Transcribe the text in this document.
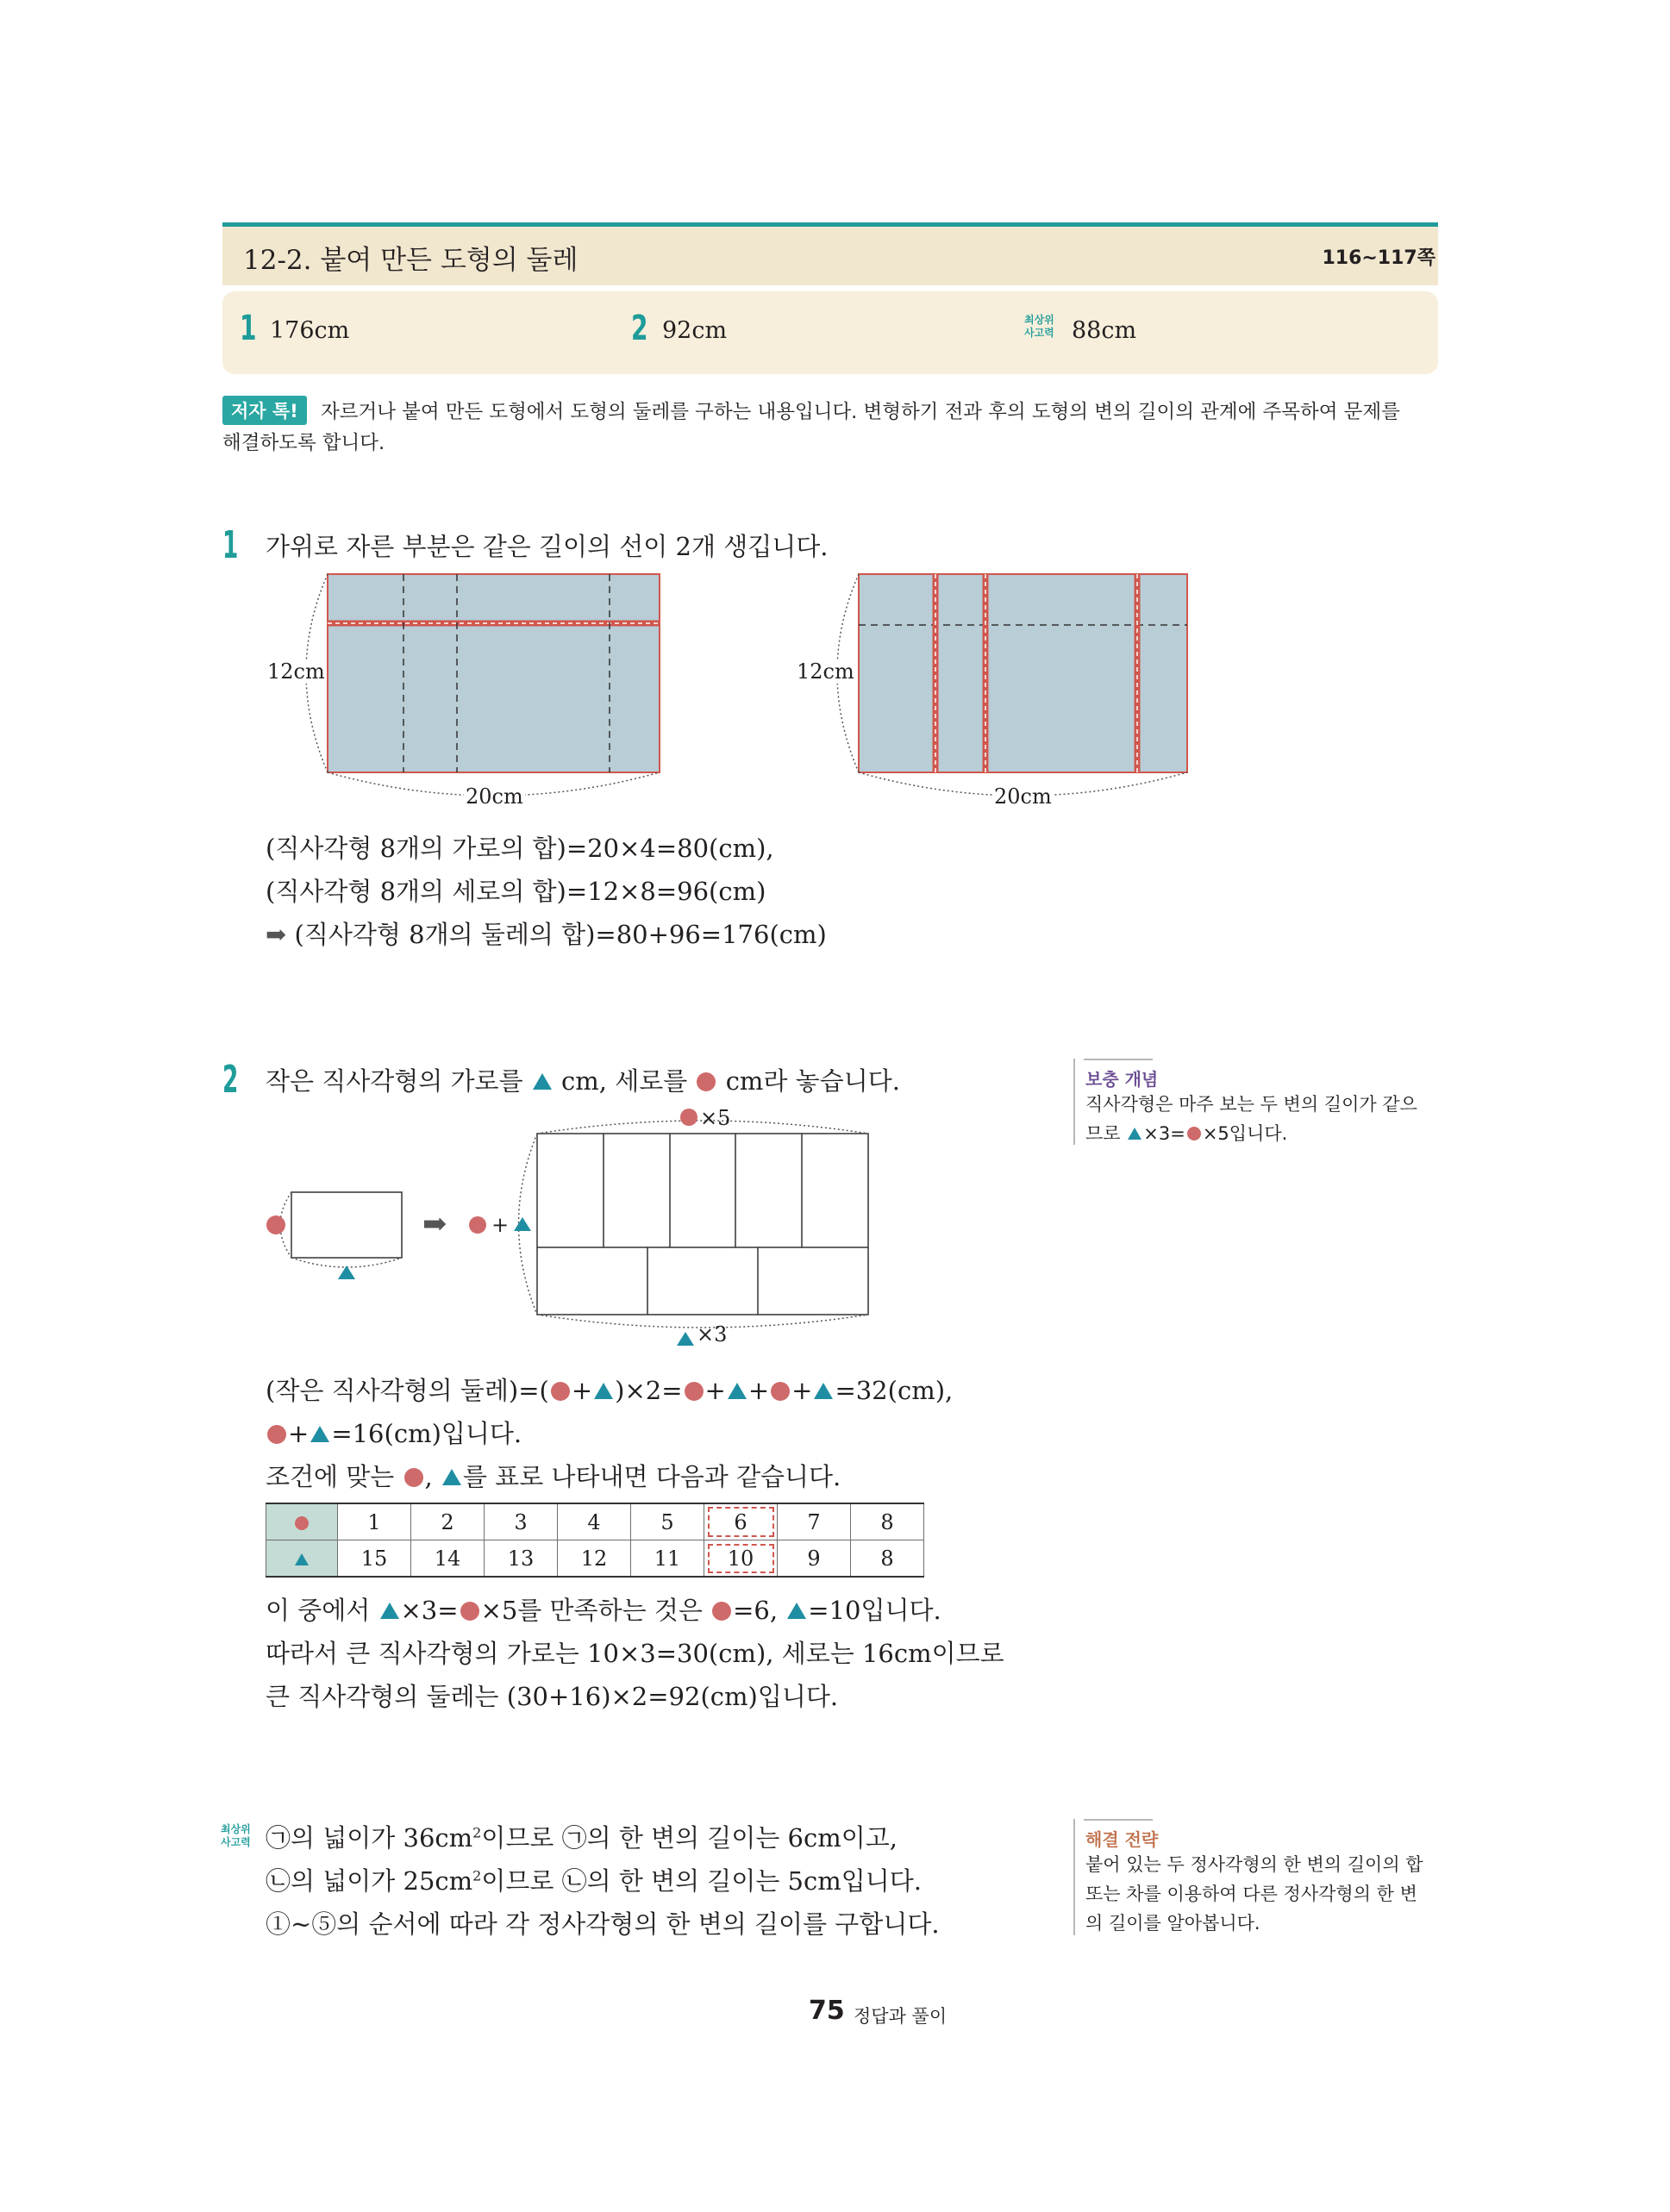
12-2. 붙여 만든 도형의 둘레	116~117쪽
1 176cm	2 92cm	최상위
사고력 88cm
저자 톡!	자르거나 붙여 만든 도형에서 도형의 둘레를 구하는 내용입니다. 변형하기 전과 후의 도형의 변의 길이의 관계에 주목하여 문제를
해결하도록 합니다.
1 가위로 자른 부분은 같은 길이의 선이 2개 생깁니다.
12cm
20cm
12cm
20cm
(직사각형 8개의 가로의 합)=20×4=80(cm),
(직사각형 8개의 세로의 합)=12×8=96(cm)
➡ (직사각형 8개의 둘레의 합)=80+96=176(cm)
2 작은 직사각형의 가로를 cm, 세로를 cm라 놓습니다.
×5
+
×3
➡
(작은 직사각형의 둘레)=( + )×2= + + + =32(cm),
+ =16(cm)입니다.
조건에 맞는 , 를 표로 나타내면 다음과 같습니다.
	1	2	3	4	5	6	7	8
	15	14	13	12	11	10	9	8
이 중에서 ×3= ×5를 만족하는 것은 =6, =10입니다.
따라서 큰 직사각형의 가로는 10×3=30(cm), 세로는 16cm이므로
큰 직사각형의 둘레는 (30+16)×2=92(cm)입니다.
보충 개념
직사각형은 마주 보는 두 변의 길이가 같으
므로 ×3= ×5입니다.
최상위
사고력 ㉠의 넓이가 $36cm^2$이므로 ㉠의 한 변의 길이는 6cm이고,
㉡의 넓이가 $25cm^2$이므로 ㉡의 한 변의 길이는 5cm입니다.
①~⑤의 순서에 따라 각 정사각형의 한 변의 길이를 구합니다.
해결 전략
붙어 있는 두 정사각형의 한 변의 길이의 합
또는 차를 이용하여 다른 정사각형의 한 변
의 길이를 알아봅니다.
75 정답과 풀이
